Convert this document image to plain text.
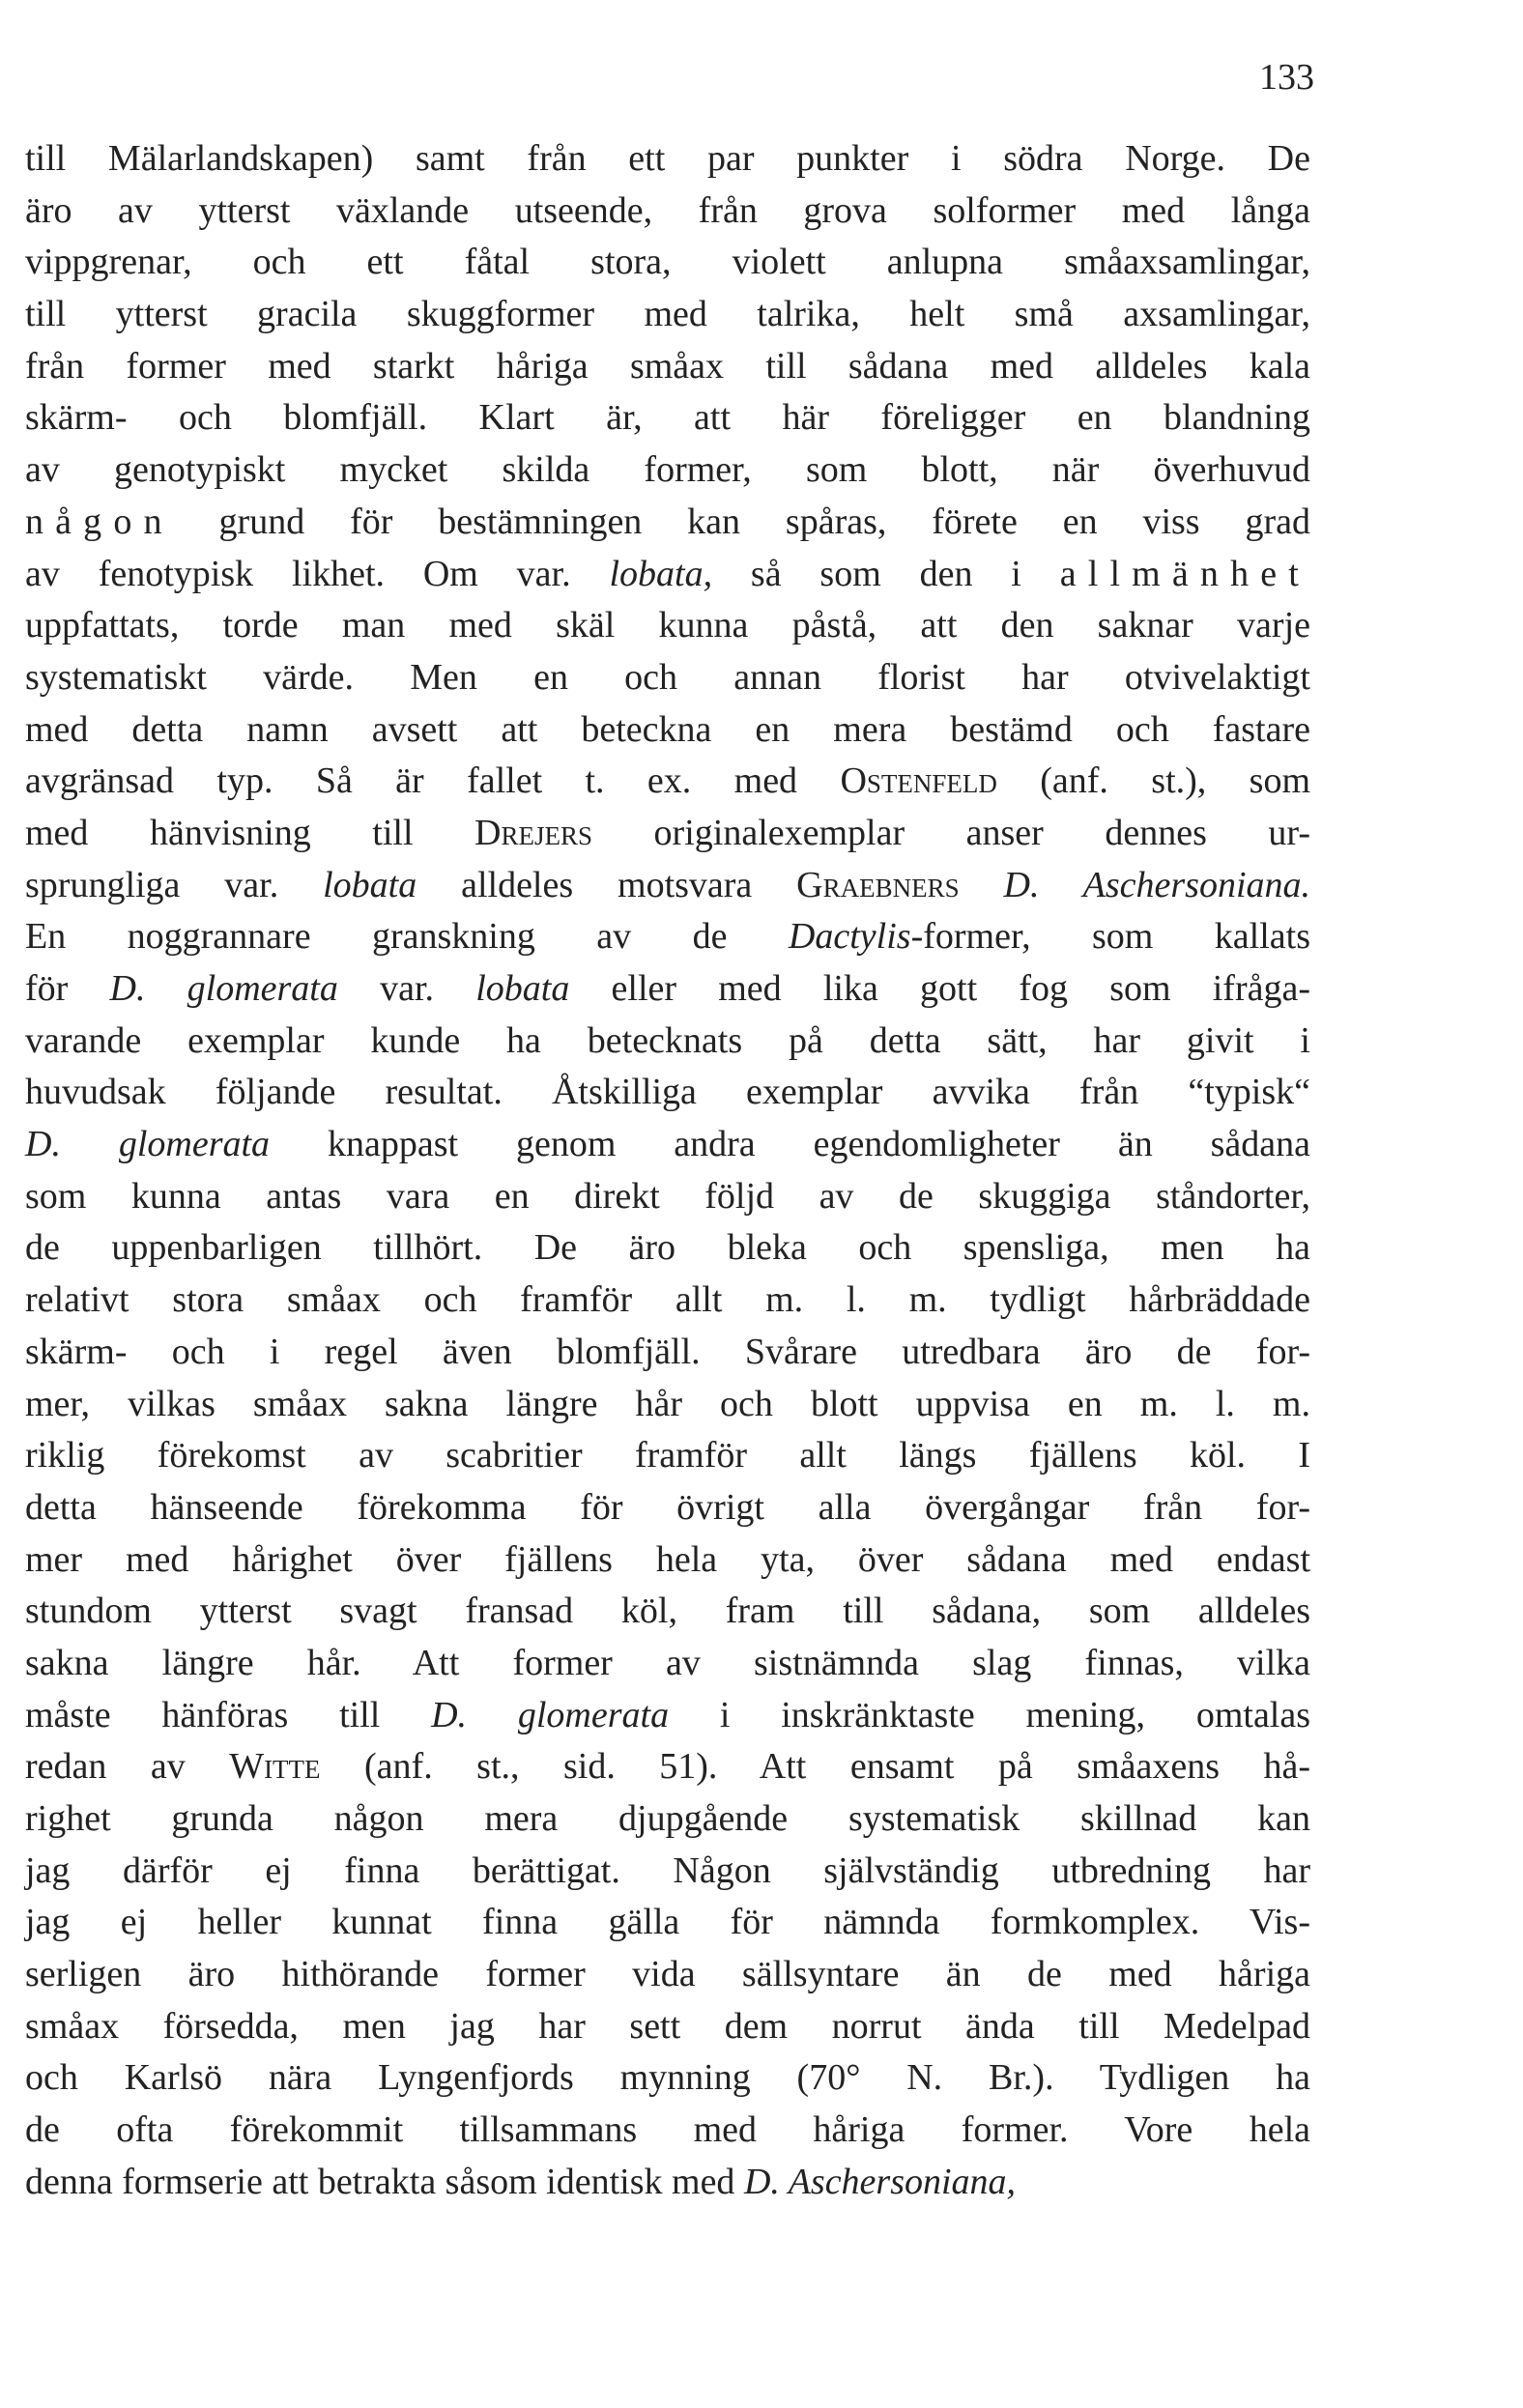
133
till Mälarlandskapen) samt från ett par punkter i södra Norge. De
äro av ytterst växlande utseende, från grova solformer med långa
vippgrenar, och ett fåtal stora, violett anlupna småaxsamlingar,
till ytterst gracila skuggformer med talrika, helt små axsamlingar,
från former med starkt håriga småax till sådana med alldeles kala
skärm- och blomfjäll. Klart är, att här föreligger en blandning
av genotypiskt mycket skilda former, som blott, när överhuvud
någon grund för bestämningen kan spåras, förete en viss grad
av fenotypisk likhet. Om var. lobata, så som den i allmänhet
uppfattats, torde man med skäl kunna påstå, att den saknar varje
systematiskt värde. Men en och annan florist har otvivelaktigt
med detta namn avsett att beteckna en mera bestämd och fastare
avgränsad typ. Så är fallet t. ex. med Ostenfeld (anf. st.), som
med hänvisning till Drejers originalexemplar anser dennes ur-
sprungliga var. lobata alldeles motsvara Graebners D. Aschersoniana.
En noggrannare granskning av de Dactylis-former, som kallats
för D. glomerata var. lobata eller med lika gott fog som ifråga-
varande exemplar kunde ha betecknats på detta sätt, har givit i
huvudsak följande resultat. Åtskilliga exemplar avvika från “typisk“
D. glomerata knappast genom andra egendomligheter än sådana
som kunna antas vara en direkt följd av de skuggiga ståndorter,
de uppenbarligen tillhört. De äro bleka och spensliga, men ha
relativt stora småax och framför allt m. l. m. tydligt hårbräddade
skärm- och i regel även blomfjäll. Svårare utredbara äro de for-
mer, vilkas småax sakna längre hår och blott uppvisa en m. l. m.
riklig förekomst av scabritier framför allt längs fjällens köl. I
detta hänseende förekomma för övrigt alla övergångar från for-
mer med hårighet över fjällens hela yta, över sådana med endast
stundom ytterst svagt fransad köl, fram till sådana, som alldeles
sakna längre hår. Att former av sistnämnda slag finnas, vilka
måste hänföras till D. glomerata i inskränktaste mening, omtalas
redan av Witte (anf. st., sid. 51). Att ensamt på småaxens hå-
righet grunda någon mera djupgående systematisk skillnad kan
jag därför ej finna berättigat. Någon självständig utbredning har
jag ej heller kunnat finna gälla för nämnda formkomplex. Vis-
serligen äro hithörande former vida sällsyntare än de med håriga
småax försedda, men jag har sett dem norrut ända till Medelpad
och Karlsö nära Lyngenfjords mynning (70° N. Br.). Tydligen ha
de ofta förekommit tillsammans med håriga former. Vore hela
denna formserie att betrakta såsom identisk med D. Aschersoniana,
